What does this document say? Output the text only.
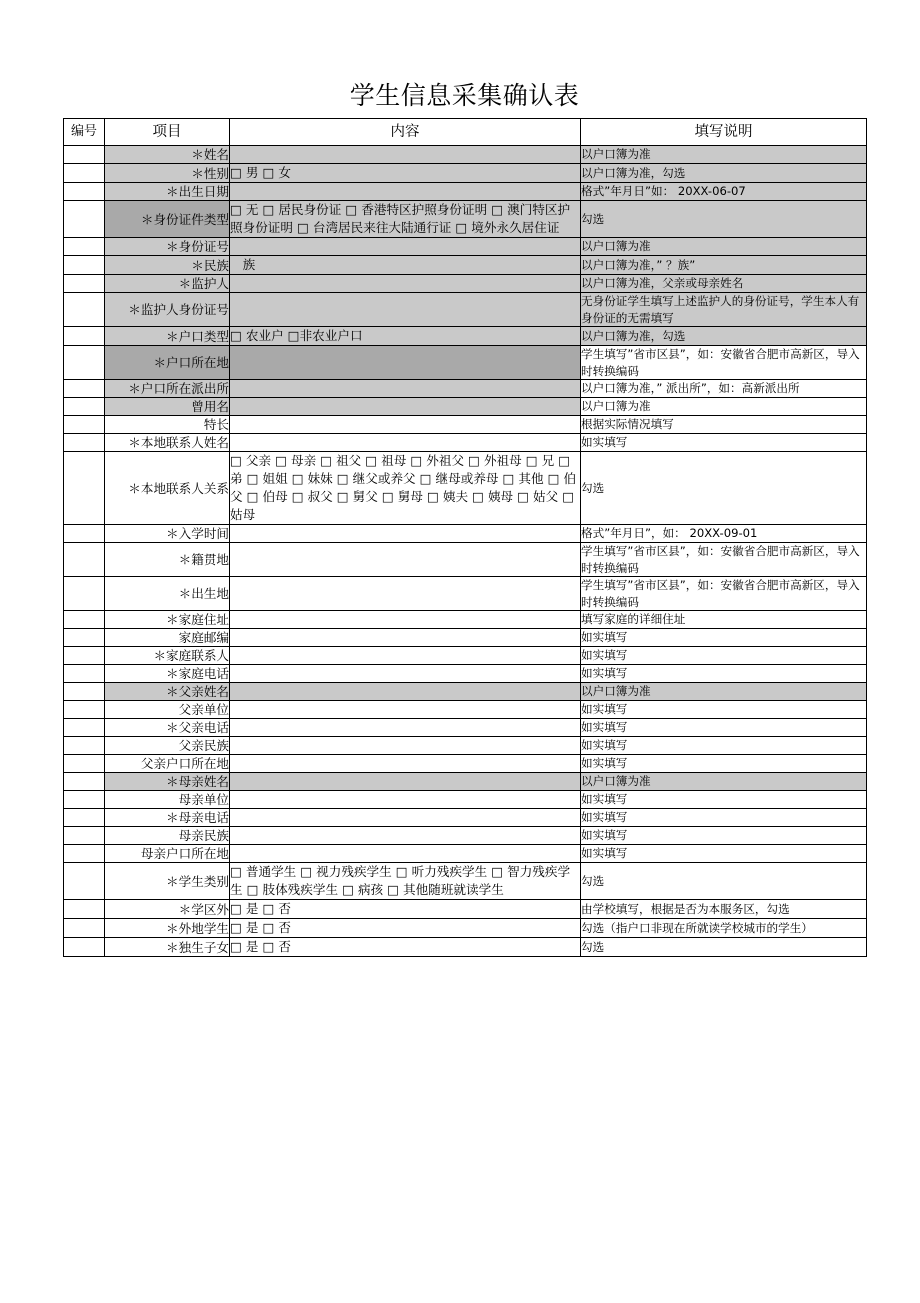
学生信息采集确认表
编号	项目	内容	填写说明
	＊姓名		以户口簿为准
	＊性别	□ 男 □ 女	以户口簿为准，勾选
	＊出生日期		格式”年月日”如： 20XX-06-07
	＊身份证件类型	□ 无 □ 居民身份证 □ 香港特区护照身份证明 □ 澳门特区护照身份证明 □ 台湾居民来往大陆通行证 □ 境外永久居住证	勾选
	＊身份证号		以户口簿为准
	＊民族	　族	以户口簿为准，” ？族”
	＊监护人		以户口簿为准，父亲或母亲姓名
	＊监护人身份证号		无身份证学生填写上述监护人的身份证号，学生本人有身份证的无需填写
	＊户口类型	□ 农业户 □非农业户口	以户口簿为准，勾选
	＊户口所在地		学生填写”省市区县”，如：安徽省合肥市高新区，导入时转换编码
	＊户口所在派出所		以户口簿为准，” 派出所”，如：高新派出所
	曾用名		以户口簿为准
	特长		根据实际情况填写
	＊本地联系人姓名		如实填写
	＊本地联系人关系	□ 父亲 □ 母亲 □ 祖父 □ 祖母 □ 外祖父 □ 外祖母 □ 兄 □ 弟 □ 姐姐 □ 妹妹 □ 继父或养父 □ 继母或养母 □ 其他 □ 伯父 □ 伯母 □ 叔父 □ 舅父 □ 舅母 □ 姨夫 □ 姨母 □ 姑父 □ 姑母	勾选
	＊入学时间		格式”年月日”，如： 20XX-09-01
	＊籍贯地		学生填写”省市区县”，如：安徽省合肥市高新区，导入时转换编码
	＊出生地		学生填写”省市区县”，如：安徽省合肥市高新区，导入时转换编码
	＊家庭住址		填写家庭的详细住址
	家庭邮编		如实填写
	＊家庭联系人		如实填写
	＊家庭电话		如实填写
	＊父亲姓名		以户口簿为准
	父亲单位		如实填写
	＊父亲电话		如实填写
	父亲民族		如实填写
	父亲户口所在地		如实填写
	＊母亲姓名		以户口簿为准
	母亲单位		如实填写
	＊母亲电话		如实填写
	母亲民族		如实填写
	母亲户口所在地		如实填写
	＊学生类别	□ 普通学生 □ 视力残疾学生 □ 听力残疾学生 □ 智力残疾学生 □ 肢体残疾学生 □ 病孩 □ 其他随班就读学生	勾选
	＊学区外	□ 是 □ 否	由学校填写，根据是否为本服务区，勾选
	＊外地学生	□ 是 □ 否	勾选（指户口非现在所就读学校城市的学生）
	＊独生子女	□ 是 □ 否	勾选
